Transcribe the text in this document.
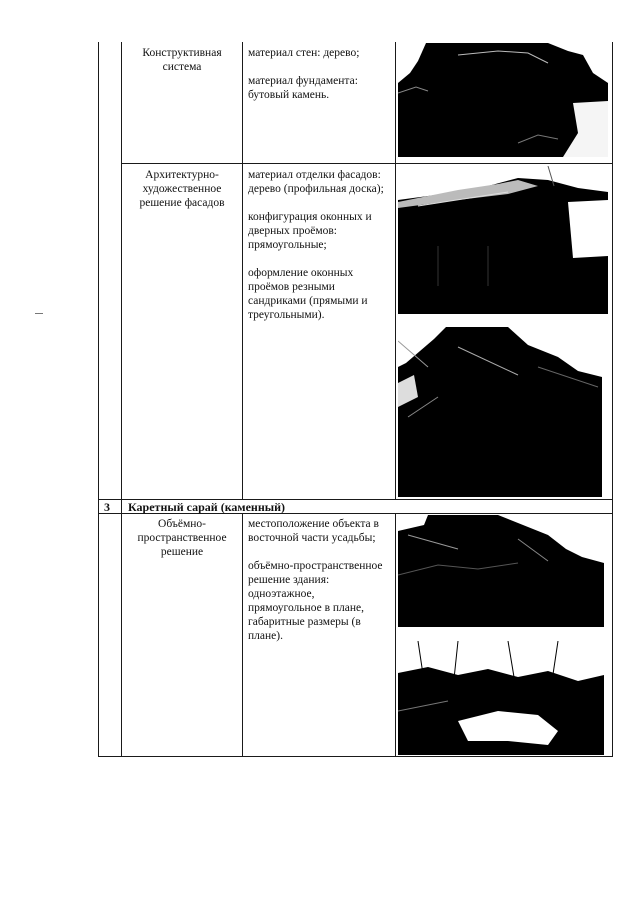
Конструктивная система

материал стен: дерево;

материал фундамента: бутовый камень.

Архитектурно-художественное решение фасадов

материал отделки фасадов: дерево (профильная доска);

конфигурация оконных и дверных проёмов: прямоугольные;

оформление оконных проёмов резными сандриками (прямыми и треугольными).

3 Каретный сарай (каменный)
Объёмно-пространственное решение

местоположение объекта в восточной части усадьбы;

объёмно-пространственное решение здания: одноэтажное, прямоугольное в плане, габаритные размеры (в плане).
